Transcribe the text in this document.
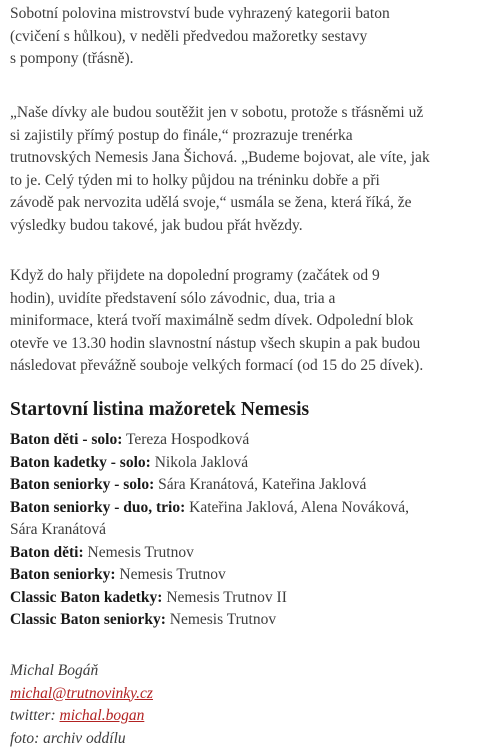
Sobotní polovina mistrovství bude vyhrazený kategorii baton
(cvičení s hůlkou), v neděli předvedou mažoretky sestavy
s pompony (třásně).

„Naše dívky ale budou soutěžit jen v sobotu, protože s třásněmi už
si zajistily přímý postup do finále,“ prozrazuje trenérka
trutnovských Nemesis Jana Šichová. „Budeme bojovat, ale víte, jak
to je. Celý týden mi to holky půjdou na tréninku dobře a při
závodě pak nervozita udělá svoje,“ usmála se žena, která říká, že
výsledky budou takové, jak budou přát hvězdy.

Když do haly přijdete na dopolední programy (začátek od 9
hodin), uvidíte představení sólo závodnic, dua, tria a
miniformace, která tvoří maximálně sedm dívek. Odpolední blok
otevře ve 13.30 hodin slavnostní nástup všech skupin a pak budou
následovat převážně souboje velkých formací (od 15 do 25 dívek).

Startovní listina mažoretek Nemesis
Baton děti - solo: Tereza Hospodková
Baton kadetky - solo: Nikola Jaklová
Baton seniorky - solo: Sára Kranátová, Kateřina Jaklová
Baton seniorky - duo, trio: Kateřina Jaklová, Alena Nováková,
Sára Kranátová
Baton děti: Nemesis Trutnov
Baton seniorky: Nemesis Trutnov
Classic Baton kadetky: Nemesis Trutnov II
Classic Baton seniorky: Nemesis Trutnov
Michal Bogáň
michal@trutnovinky.cz
twitter: michal.bogan
foto: archiv oddílu
